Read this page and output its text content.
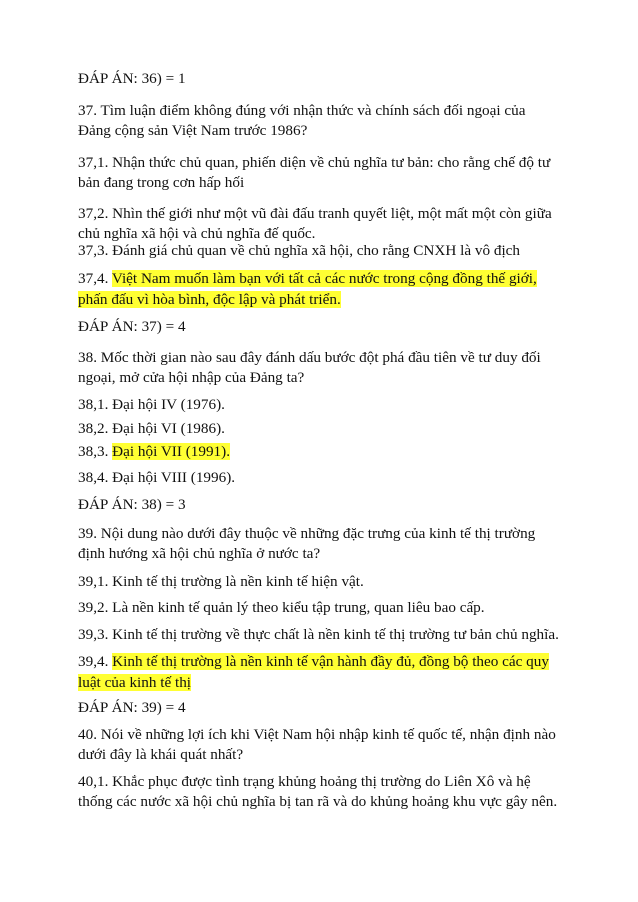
ĐÁP ÁN: 36) = 1
37. Tìm luận điểm không đúng với nhận thức và chính sách đối ngoại của
Đảng cộng sản Việt Nam trước 1986?
37,1. Nhận thức chủ quan, phiến diện về chủ nghĩa tư bản: cho rằng chế độ tư
bản đang trong cơn hấp hối
37,2. Nhìn thế giới như một vũ đài đấu tranh quyết liệt, một mất một còn giữa
chủ nghĩa xã hội và chủ nghĩa đế quốc.
37,3. Đánh giá chủ quan về chủ nghĩa xã hội, cho rằng CNXH là vô địch
37,4. Việt Nam muốn làm bạn với tất cả các nước trong cộng đồng thế giới,
phấn đấu vì hòa bình, độc lập và phát triển.
ĐÁP ÁN: 37) = 4
38. Mốc thời gian nào sau đây đánh dấu bước đột phá đầu tiên về tư duy đối
ngoại, mở cửa hội nhập của Đảng ta?
38,1. Đại hội IV (1976).
38,2. Đại hội VI (1986).
38,3. Đại hội VII (1991).
38,4. Đại hội VIII (1996).
ĐÁP ÁN: 38) = 3
39. Nội dung nào dưới đây thuộc về những đặc trưng của kinh tế thị trường
định hướng xã hội chủ nghĩa ở nước ta?
39,1. Kinh tế thị trường là nền kinh tế hiện vật.
39,2. Là nền kinh tế quản lý theo kiểu tập trung, quan liêu bao cấp.
39,3. Kinh tế thị trường về thực chất là nền kinh tế thị trường tư bản chủ nghĩa.
39,4. Kinh tế thị trường là nền kinh tế vận hành đầy đủ, đồng bộ theo các quy
luật của kinh tế thị
ĐÁP ÁN: 39) = 4
40. Nói về những lợi ích khi Việt Nam hội nhập kinh tế quốc tế, nhận định nào
dưới đây là khái quát nhất?
40,1. Khắc phục được tình trạng khủng hoảng thị trường do Liên Xô và hệ
thống các nước xã hội chủ nghĩa bị tan rã và do khủng hoảng khu vực gây nên.
